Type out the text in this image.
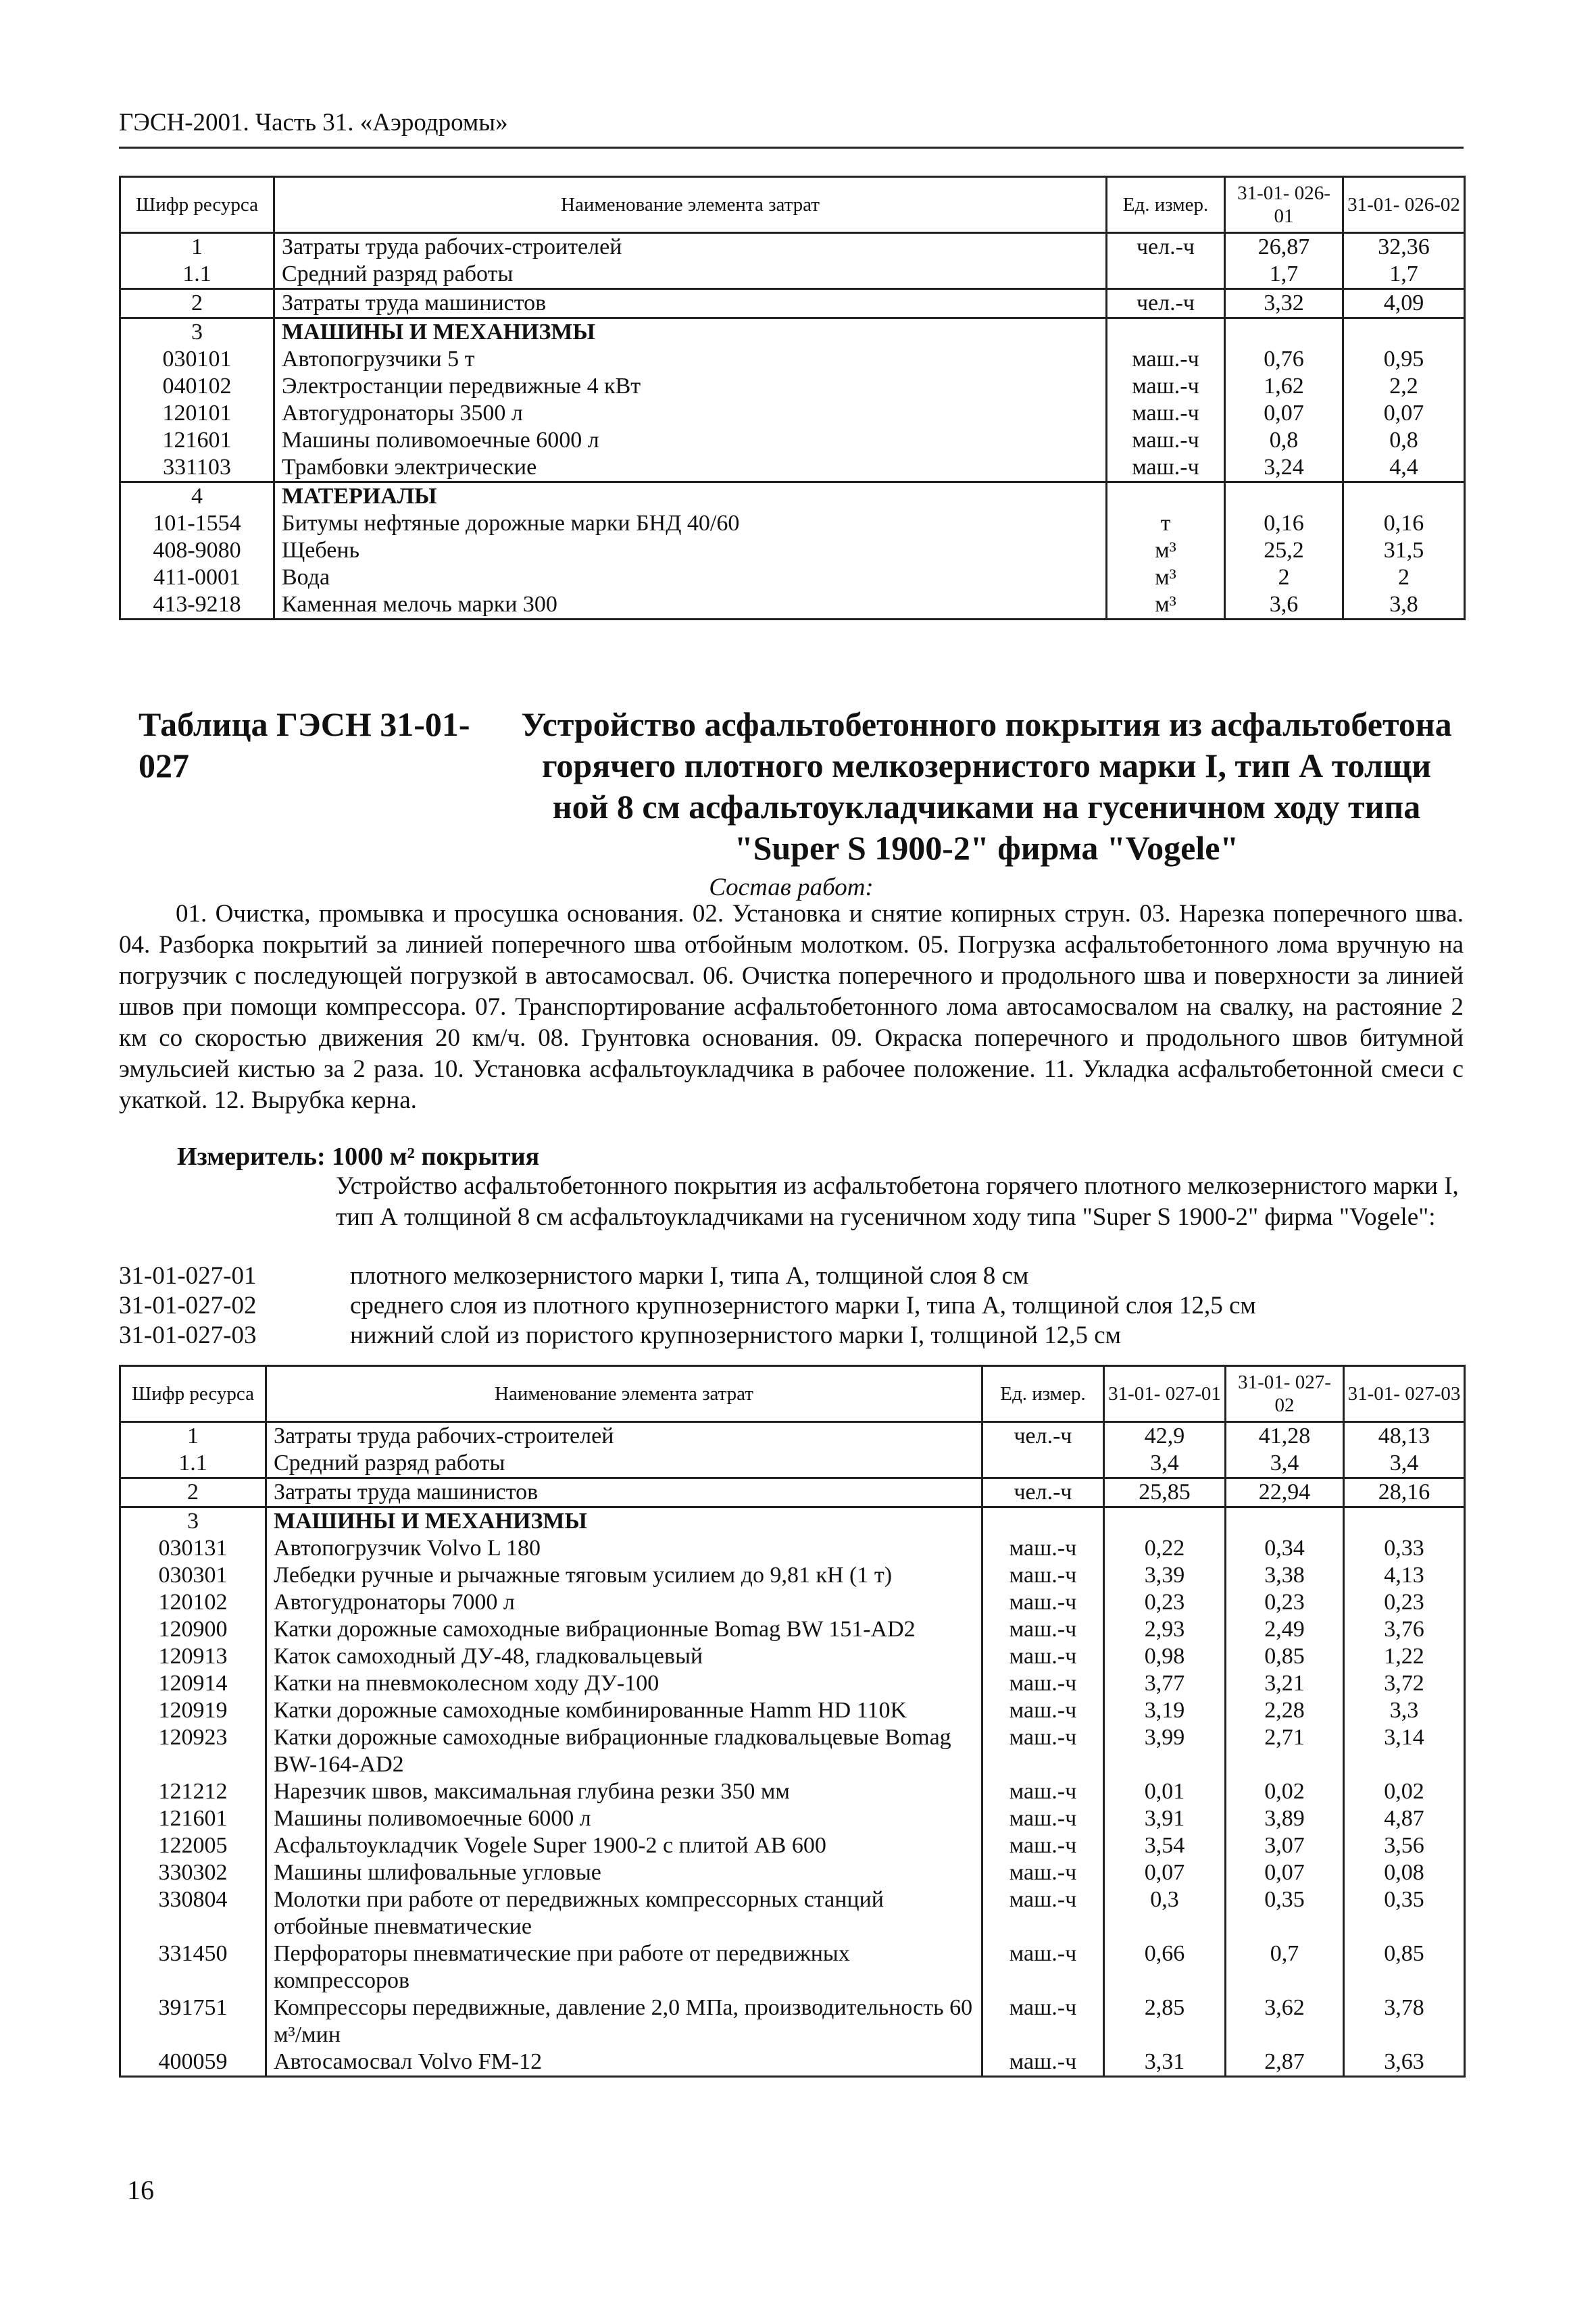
ГЭСН-2001. Часть 31. «Аэродромы»
Шифр ресурса	Наименование элемента затрат	Ед. измер.	31-01- 026-01	31-01- 026-02
1	Затраты труда рабочих-строителей	чел.-ч	26,87	32,36
1.1	Средний разряд работы		1,7	1,7
2	Затраты труда машинистов	чел.-ч	3,32	4,09
3	МАШИНЫ И МЕХАНИЗМЫ			
030101	Автопогрузчики 5 т	маш.-ч	0,76	0,95
040102	Электростанции передвижные 4 кВт	маш.-ч	1,62	2,2
120101	Автогудронаторы 3500 л	маш.-ч	0,07	0,07
121601	Машины поливомоечные 6000 л	маш.-ч	0,8	0,8
331103	Трамбовки электрические	маш.-ч	3,24	4,4
4	МАТЕРИАЛЫ			
101-1554	Битумы нефтяные дорожные марки БНД 40/60	т	0,16	0,16
408-9080	Щебень	м³	25,2	31,5
411-0001	Вода	м³	2	2
413-9218	Каменная мелочь марки 300	м³	3,6	3,8
Таблица ГЭСН 31-01-027Устройство асфальтобетонного покрытия из асфальтобетона горячего плотного мелкозернистого марки I, тип А толщи ной 8 см асфальтоукладчиками на гусеничном ходу типа "Super S 1900-2" фирма "Vogele"
Состав работ:
01. Очистка, промывка и просушка основания. 02. Установка и снятие копирных струн. 03. Нарезка поперечного шва. 04. Разборка покрытий за линией поперечного шва отбойным молотком. 05. Погрузка асфальтобетонного лома вручную на погрузчик с последующей погрузкой в автосамосвал. 06. Очистка поперечного и продольного шва и поверхности за линией швов при помощи компрессора. 07. Транспортирование асфальтобетонного лома автосамосвалом на свалку, на растояние 2 км со скоростью движения 20 км/ч. 08. Грунтовка основания. 09. Окраска поперечного и продольного швов битумной эмульсией кистью за 2 раза. 10. Установка асфальтоукладчика в рабочее положение. 11. Укладка асфальтобетонной смеси с укаткой. 12. Вырубка керна.
Измеритель: 1000 м² покрытия
Устройство асфальтобетонного покрытия из асфальтобетона горячего плотного мелкозернистого марки I, тип А толщиной 8 см асфальтоукладчиками на гусеничном ходу типа "Super S 1900-2" фирма "Vogele":
31-01-027-01	плотного мелкозернистого марки I, типа А, толщиной слоя 8 см
31-01-027-02	среднего слоя из плотного крупнозернистого марки I, типа А, толщиной слоя 12,5 см
31-01-027-03	нижний слой из пористого крупнозернистого марки I, толщиной 12,5 см
Шифр ресурса	Наименование элемента затрат	Ед. измер.	31-01- 027-01	31-01- 027-02	31-01- 027-03
1	Затраты труда рабочих-строителей	чел.-ч	42,9	41,28	48,13
1.1	Средний разряд работы		3,4	3,4	3,4
2	Затраты труда машинистов	чел.-ч	25,85	22,94	28,16
3	МАШИНЫ И МЕХАНИЗМЫ				
030131	Автопогрузчик Volvo L 180	маш.-ч	0,22	0,34	0,33
030301	Лебедки ручные и рычажные тяговым усилием до 9,81 кН (1 т)	маш.-ч	3,39	3,38	4,13
120102	Автогудронаторы 7000 л	маш.-ч	0,23	0,23	0,23
120900	Катки дорожные самоходные вибрационные Bomag BW 151-AD2	маш.-ч	2,93	2,49	3,76
120913	Каток самоходный ДУ-48, гладковальцевый	маш.-ч	0,98	0,85	1,22
120914	Катки на пневмоколесном ходу ДУ-100	маш.-ч	3,77	3,21	3,72
120919	Катки дорожные самоходные комбинированные Hamm HD 110K	маш.-ч	3,19	2,28	3,3
120923	Катки дорожные самоходные вибрационные гладковальцевые Bomag BW-164-AD2	маш.-ч	3,99	2,71	3,14
121212	Нарезчик швов, максимальная глубина резки 350 мм	маш.-ч	0,01	0,02	0,02
121601	Машины поливомоечные 6000 л	маш.-ч	3,91	3,89	4,87
122005	Асфальтоукладчик Vogele Super 1900-2 с плитой AB 600	маш.-ч	3,54	3,07	3,56
330302	Машины шлифовальные угловые	маш.-ч	0,07	0,07	0,08
330804	Молотки при работе от передвижных компрессорных станций отбойные пневматические	маш.-ч	0,3	0,35	0,35
331450	Перфораторы пневматические при работе от передвижных компрессоров	маш.-ч	0,66	0,7	0,85
391751	Компрессоры передвижные, давление 2,0 МПа, производительность 60 м³/мин	маш.-ч	2,85	3,62	3,78
400059	Автосамосвал Volvo FM-12	маш.-ч	3,31	2,87	3,63
16
